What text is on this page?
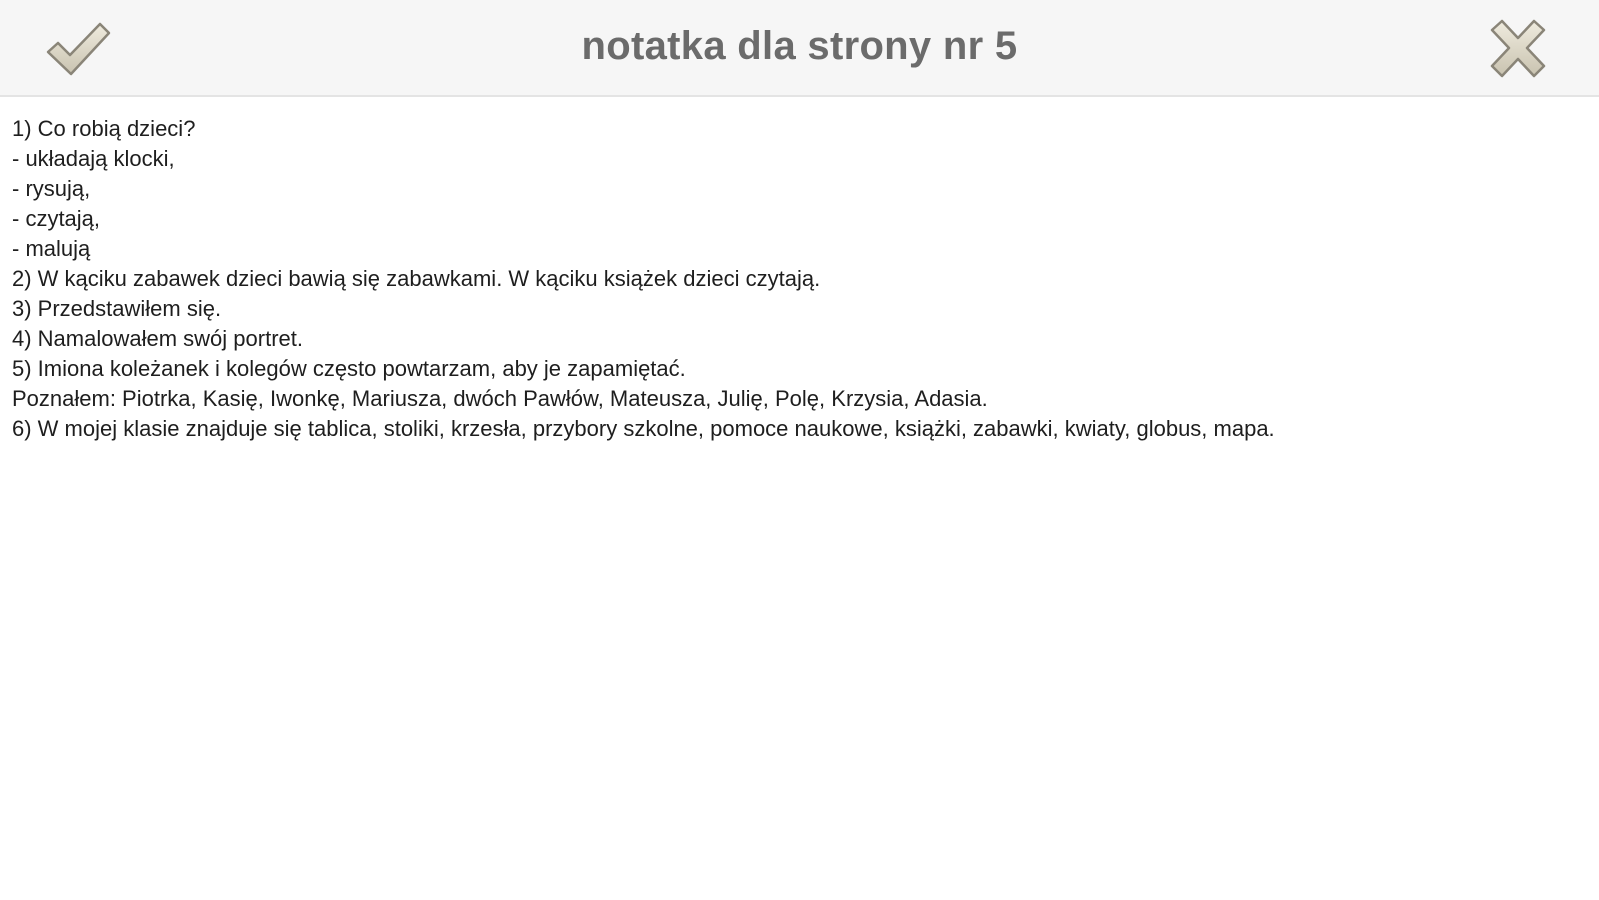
notatka dla strony nr 5
1) Co robią dzieci?
- układają klocki,
- rysują,
- czytają,
- malują
2) W kąciku zabawek dzieci bawią się zabawkami. W kąciku książek dzieci czytają.
3) Przedstawiłem się.
4) Namalowałem swój portret.
5) Imiona koleżanek i kolegów często powtarzam, aby je zapamiętać.
Poznałem: Piotrka, Kasię, Iwonkę, Mariusza, dwóch Pawłów, Mateusza, Julię, Polę, Krzysia, Adasia.
6) W mojej klasie znajduje się tablica, stoliki, krzesła, przybory szkolne, pomoce naukowe, książki, zabawki, kwiaty, globus, mapa.
